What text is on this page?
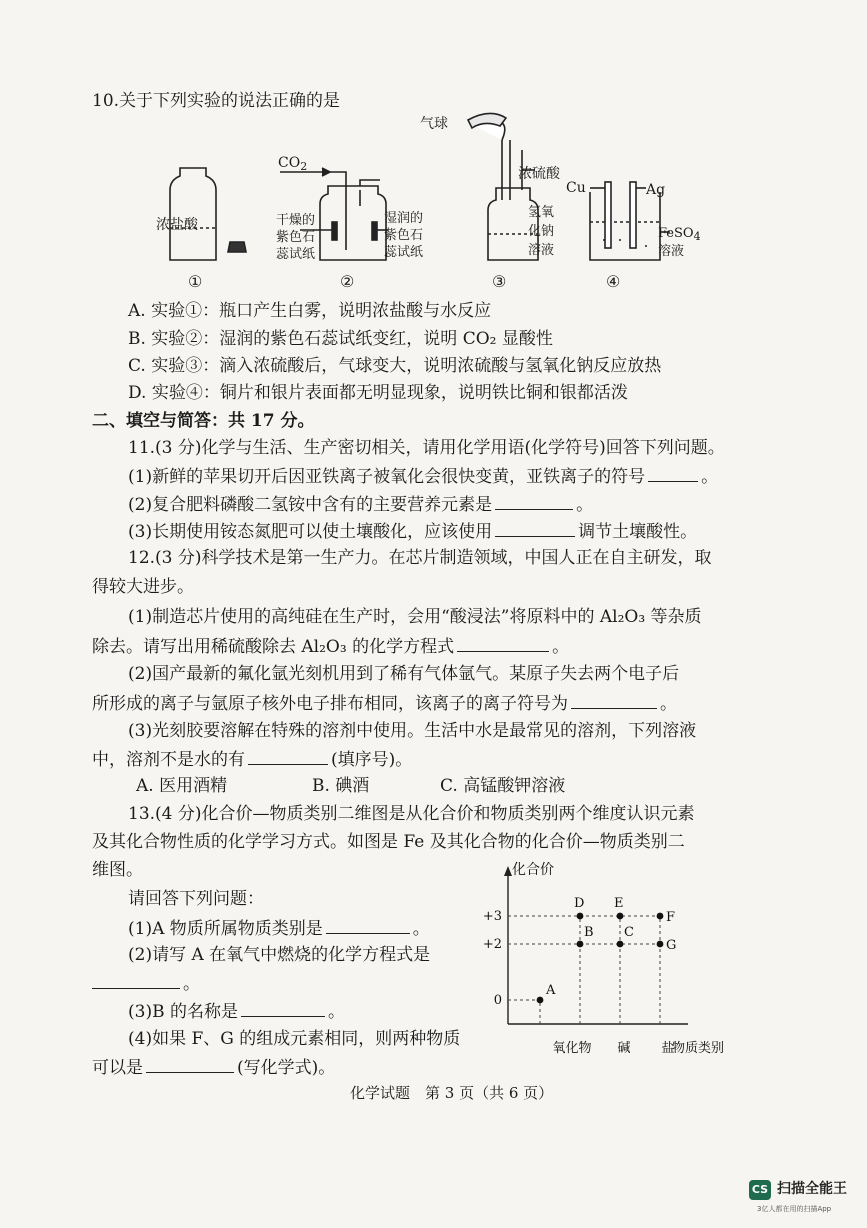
10.关于下列实验的说法正确的是
$CO_2$
浓盐酸	干燥的
紫色石
蕊试纸
湿润的
紫色石
蕊试纸
气球
浓硫酸
氢氧
化钠
溶液
Cu	Ag
FeSO$_4$
溶液
①	②	③	④
A. 实验①：瓶口产生白雾，说明浓盐酸与水反应
B. 实验②：湿润的紫色石蕊试纸变红，说明 CO₂ 显酸性
C. 实验③：滴入浓硫酸后，气球变大，说明浓硫酸与氢氧化钠反应放热
D. 实验④：铜片和银片表面都无明显现象，说明铁比铜和银都活泼
二、填空与简答：共 17 分。
11.(3 分)化学与生活、生产密切相关，请用化学用语(化学符号)回答下列问题。
(1)新鲜的苹果切开后因亚铁离子被氧化会很快变黄，亚铁离子的符号	。
(2)复合肥料磷酸二氢铵中含有的主要营养元素是	。
(3)长期使用铵态氮肥可以使土壤酸化，应该使用	调节土壤酸性。
12.(3 分)科学技术是第一生产力。在芯片制造领域，中国人正在自主研发，取
得较大进步。
(1)制造芯片使用的高纯硅在生产时，会用“酸浸法”将原料中的 Al₂O₃ 等杂质
除去。请写出用稀硫酸除去 Al₂O₃ 的化学方程式	。
(2)国产最新的氟化氩光刻机用到了稀有气体氩气。某原子失去两个电子后
所形成的离子与氩原子核外电子排布相同，该离子的离子符号为	。
(3)光刻胶要溶解在特殊的溶剂中使用。生活中水是最常见的溶剂，下列溶液
中，溶剂不是水的有	(填序号)。
A. 医用酒精	B. 碘酒	C. 高锰酸钾溶液
13.(4 分)化合价—物质类别二维图是从化合价和物质类别两个维度认识元素
及其化合物性质的化学学习方式。如图是 Fe 及其化合物的化合价—物质类别二
维图。
请回答下列问题：
(1)A 物质所属物质类别是	。
(2)请写 A 在氧气中燃烧的化学方程式是
。
(3)B 的名称是	。
(4)如果 F、G 的组成元素相同，则两种物质
可以是	(写化学式)。
化合价
0
+2
+3
氧化物 碱 盐
物质类别
A
B C
D E
F
G
化学试题　第 3 页（共 6 页）
CS 扫描全能王
3亿人都在用的扫描App
